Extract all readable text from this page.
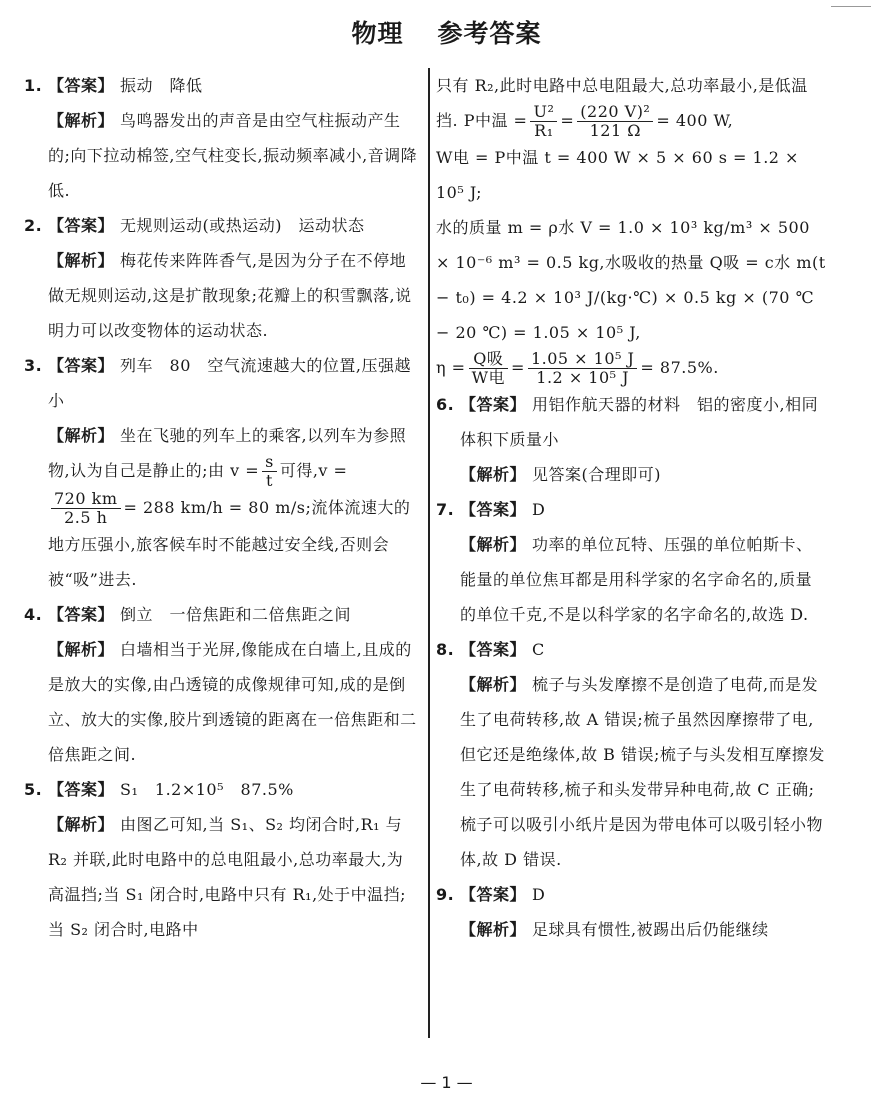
物理 参考答案
1. 【答案】 振动　降低
【解析】 鸟鸣器发出的声音是由空气柱振动产生的;向下拉动棉签,空气柱变长,振动频率减小,音调降低.
2. 【答案】 无规则运动(或热运动)　运动状态
【解析】 梅花传来阵阵香气,是因为分子在不停地做无规则运动,这是扩散现象;花瓣上的积雪飘落,说明力可以改变物体的运动状态.
3. 【答案】 列车　80　空气流速越大的位置,压强越小
【解析】 坐在飞驰的列车上的乘客,以列车为参照物,认为自己是静止的;由 $v = \frac{s}{t}$ 可得,v =
$\frac{720 km}{2.5 h} = 288$ km/h = 80 m/s;流体流速大的地方压强小,旅客候车时不能越过安全线,否则会被“吸”进去.
4. 【答案】 倒立　一倍焦距和二倍焦距之间
【解析】 白墙相当于光屏,像能成在白墙上,且成的是放大的实像,由凸透镜的成像规律可知,成的是倒立、放大的实像,胶片到透镜的距离在一倍焦距和二倍焦距之间.
5. 【答案】 S₁　1.2×10⁵　87.5%
【解析】 由图乙可知,当 S₁、S₂ 均闭合时,R₁ 与 R₂ 并联,此时电路中的总电阻最小,总功率最大,为高温挡;当 S₁ 闭合时,电路中只有 R₁,处于中温挡;当 S₂ 闭合时,电路中
只有 R₂,此时电路中总电阻最大,总功率最小,是低温挡. P中温 = $\frac{\text{U²}}{\text{R₁}} = \frac{\text{(220 V)²}}{121 \Omega} = 400$ W,
W电 = P中温 t = 400 W × 5 × 60 s = 1.2 × 10⁵ J;
水的质量 m = ρ水 V = 1.0 × 10³ kg/m³ × 500 × 10⁻⁶ m³ = 0.5 kg,水吸收的热量 Q吸 = c水 m(t − t₀) = 4.2 × 10³ J/(kg·℃) × 0.5 kg × (70 ℃ − 20 ℃) = 1.05 × 10⁵ J,
$\eta = \frac{\text{Q吸}}{\text{W电}} = \frac{\text{1.05 × 10⁵ J}}{\text{1.2 × 10⁵ J}} = 87.5\%$.
6. 【答案】 用铝作航天器的材料　铝的密度小,相同体积下质量小
【解析】 见答案(合理即可)
7. 【答案】 D
【解析】 功率的单位瓦特、压强的单位帕斯卡、能量的单位焦耳都是用科学家的名字命名的,质量的单位千克,不是以科学家的名字命名的,故选 D.
8. 【答案】 C
【解析】 梳子与头发摩擦不是创造了电荷,而是发生了电荷转移,故 A 错误;梳子虽然因摩擦带了电,但它还是绝缘体,故 B 错误;梳子与头发相互摩擦发生了电荷转移,梳子和头发带异种电荷,故 C 正确;梳子可以吸引小纸片是因为带电体可以吸引轻小物体,故 D 错误.
9. 【答案】 D
【解析】 足球具有惯性,被踢出后仍能继续
— 1 —
